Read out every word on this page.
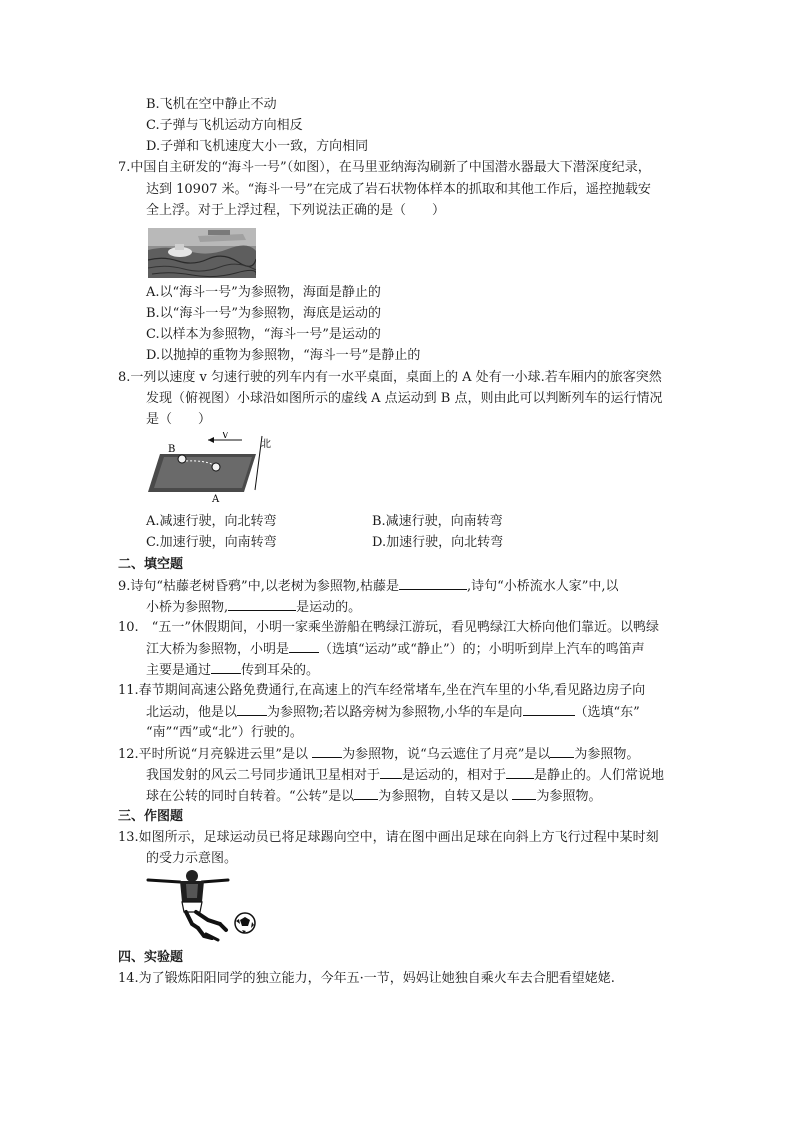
B.飞机在空中静止不动
C.子弹与飞机运动方向相反
D.子弹和飞机速度大小一致，方向相同
7.中国自主研发的“海斗一号”（如图），在马里亚纳海沟刷新了中国潜水器最大下潜深度纪录，
达到 10907 米。“海斗一号”在完成了岩石状物体样本的抓取和其他工作后，遥控抛载安
全上浮。对于上浮过程，下列说法正确的是（　　）
A.以“海斗一号”为参照物，海面是静止的
B.以“海斗一号”为参照物，海底是运动的
C.以样本为参照物，“海斗一号”是运动的
D.以抛掉的重物为参照物，“海斗一号”是静止的
8.一列以速度 v 匀速行驶的列车内有一水平桌面，桌面上的 A 处有一小球.若车厢内的旅客突然
发现（俯视图）小球沿如图所示的虚线 A 点运动到 B 点，则由此可以判断列车的运行情况
是（　　）
B
A
V
北
A.减速行驶，向北转弯	B.减速行驶，向南转弯
C.加速行驶，向南转弯	D.加速行驶，向北转弯
二、填空题
9.诗句“枯藤老树昏鸦”中,以老树为参照物,枯藤是	,诗句“小桥流水人家”中,以
小桥为参照物,	是运动的。
10.　“五一”休假期间，小明一家乘坐游船在鸭绿江游玩，看见鸭绿江大桥向他们靠近。以鸭绿
江大桥为参照物，小明是 （选填“运动”或“静止”）的；小明听到岸上汽车的鸣笛声
主要是通过 传到耳朵的。
11.春节期间高速公路免费通行,在高速上的汽车经常堵车,坐在汽车里的小华,看见路边房子向
北运动，他是以 为参照物;若以路旁树为参照物,小华的车是向	（选填“东”
“南”“西”或“北”）行驶的。
12.平时所说“月亮躲进云里”是以 为参照物，说“乌云遮住了月亮”是以 为参照物。
我国发射的风云二号同步通讯卫星相对于 是运动的，相对于 是静止的。人们常说地
球在公转的同时自转着。“公转”是以 为参照物，自转又是以 为参照物。
三、作图题
13.如图所示，足球运动员已将足球踢向空中，请在图中画出足球在向斜上方飞行过程中某时刻
的受力示意图。
四、实验题
14.为了锻炼阳阳同学的独立能力，今年五·一节，妈妈让她独自乘火车去合肥看望姥姥.
